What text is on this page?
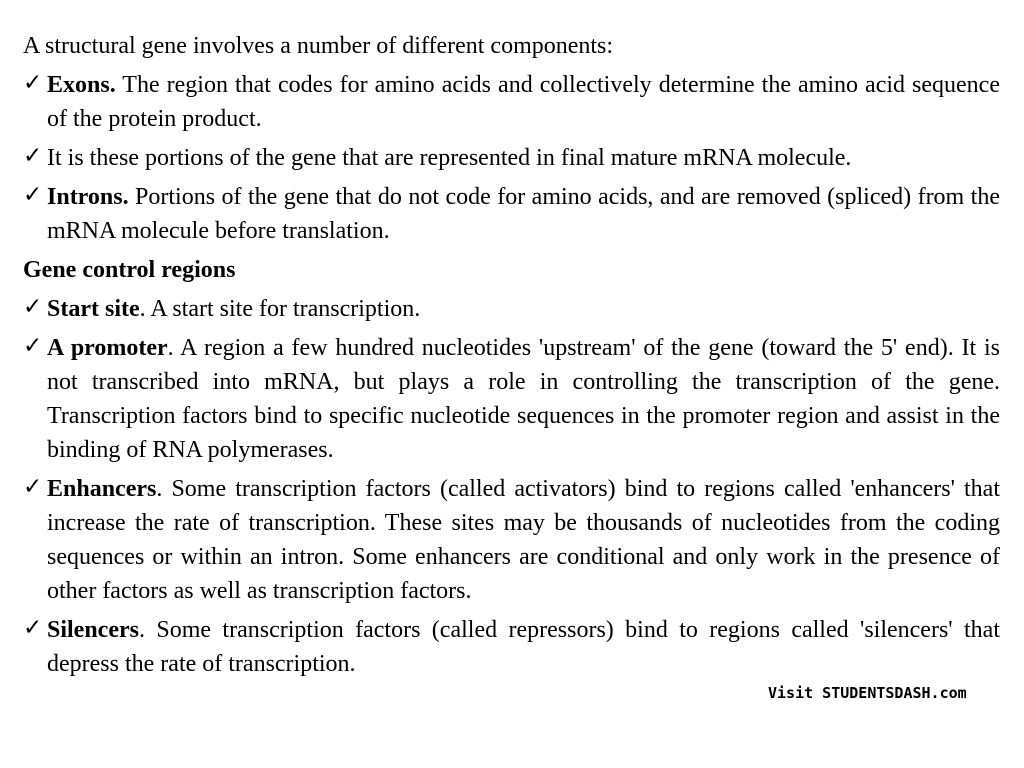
A structural gene involves a number of different components:
✓ Exons. The region that codes for amino acids and collectively determine the amino acid sequence of the protein product.
✓ It is these portions of the gene that are represented in final mature mRNA molecule.
✓ Introns. Portions of the gene that do not code for amino acids, and are removed (spliced) from the mRNA molecule before translation.
Gene control regions
✓ Start site. A start site for transcription.
✓ A promoter. A region a few hundred nucleotides 'upstream' of the gene (toward the 5' end). It is not transcribed into mRNA, but plays a role in controlling the transcription of the gene. Transcription factors bind to specific nucleotide sequences in the promoter region and assist in the binding of RNA polymerases.
✓ Enhancers. Some transcription factors (called activators) bind to regions called 'enhancers' that increase the rate of transcription. These sites may be thousands of nucleotides from the coding sequences or within an intron. Some enhancers are conditional and only work in the presence of other factors as well as transcription factors.
✓ Silencers. Some transcription factors (called repressors) bind to regions called 'silencers' that depress the rate of transcription.
Visit STUDENTSDASH.com
